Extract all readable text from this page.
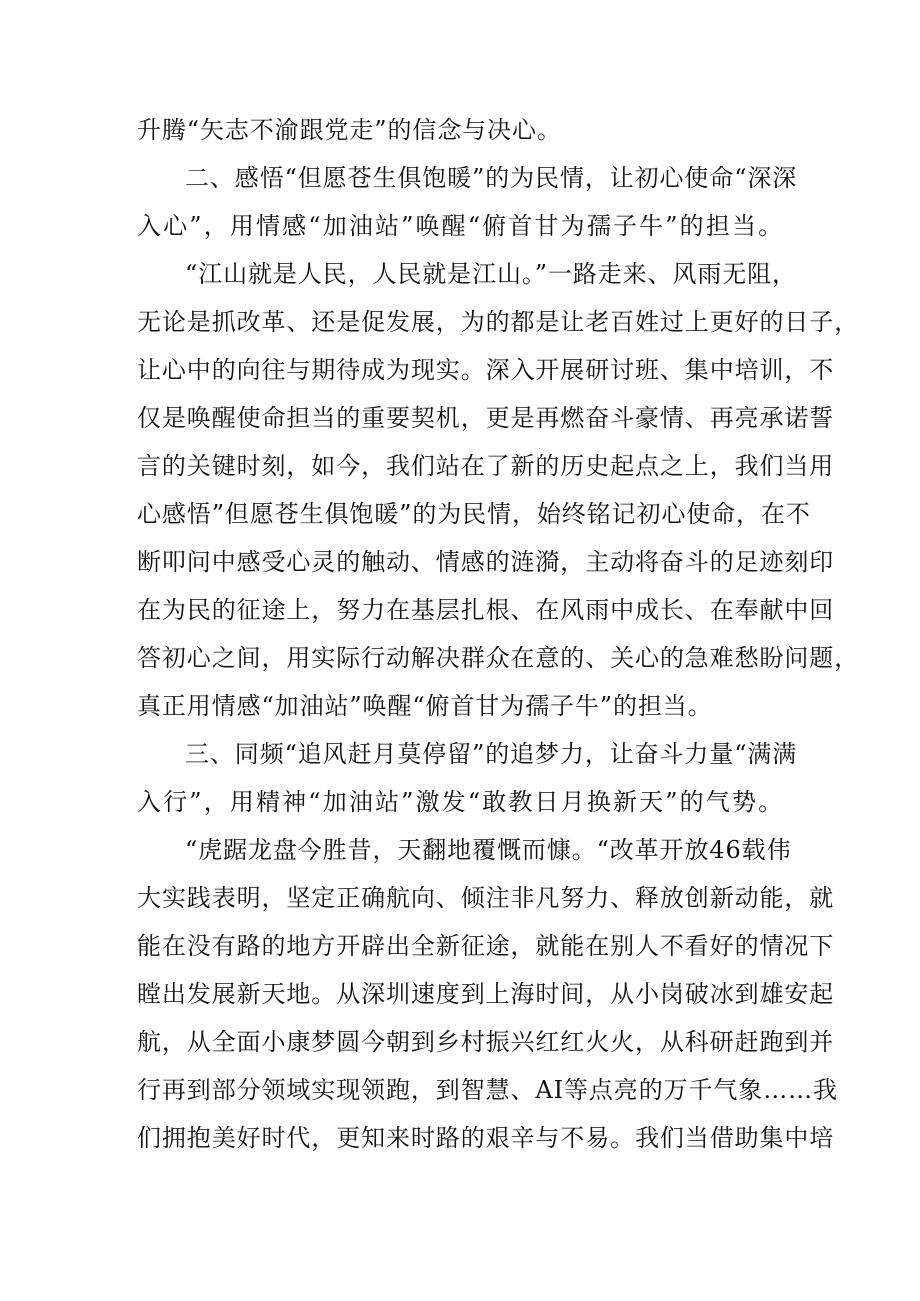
升腾“矢志不渝跟党走”的信念与决心。
二、感悟“但愿苍生俱饱暖”的为民情，让初心使命“深深
入心”，用情感“加油站”唤醒“俯首甘为孺子牛”的担当。
“江山就是人民，人民就是江山。”一路走来、风雨无阻，
无论是抓改革、还是促发展，为的都是让老百姓过上更好的日子，
让心中的向往与期待成为现实。深入开展研讨班、集中培训，不
仅是唤醒使命担当的重要契机，更是再燃奋斗豪情、再亮承诺誓
言的关键时刻，如今，我们站在了新的历史起点之上，我们当用
心感悟”但愿苍生俱饱暖”的为民情，始终铭记初心使命，在不
断叩问中感受心灵的触动、情感的涟漪，主动将奋斗的足迹刻印
在为民的征途上，努力在基层扎根、在风雨中成长、在奉献中回
答初心之间，用实际行动解决群众在意的、关心的急难愁盼问题，
真正用情感“加油站”唤醒“俯首甘为孺子牛”的担当。
三、同频“追风赶月莫停留”的追梦力，让奋斗力量“满满
入行”，用精神“加油站”激发“敢教日月换新天”的气势。
“虎踞龙盘今胜昔，天翻地覆慨而慷。“改革开放46载伟
大实践表明，坚定正确航向、倾注非凡努力、释放创新动能，就
能在没有路的地方开辟出全新征途，就能在别人不看好的情况下
瞠出发展新天地。从深圳速度到上海时间，从小岗破冰到雄安起
航，从全面小康梦圆今朝到乡村振兴红红火火，从科研赶跑到并
行再到部分领域实现领跑，到智慧、AI等点亮的万千气象……我
们拥抱美好时代，更知来时路的艰辛与不易。我们当借助集中培
